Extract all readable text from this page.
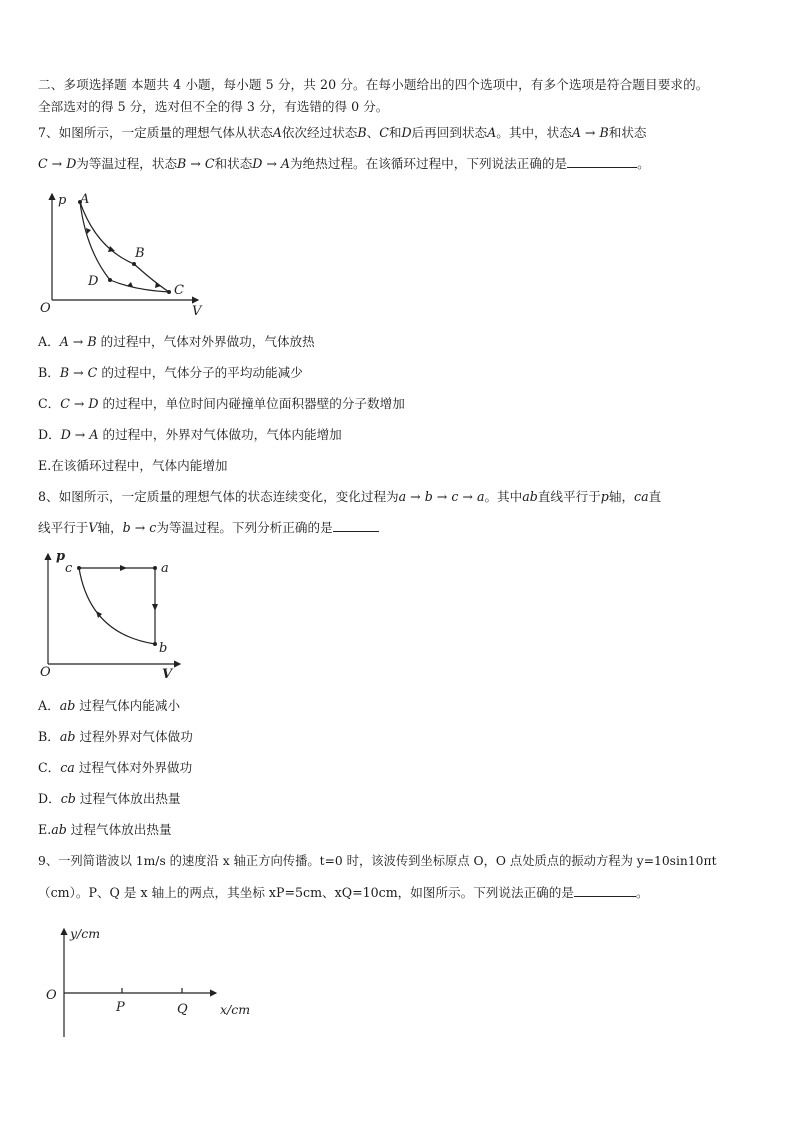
二、多项选择题 本题共 4 小题，每小题 5 分，共 20 分。在每小题给出的四个选项中，有多个选项是符合题目要求的。
全部选对的得 5 分，选对但不全的得 3 分，有选错的得 0 分。
7、如图所示，一定质量的理想气体从状态A依次经过状态B、C和D后再回到状态A。其中，状态A → B和状态
C → D为等温过程，状态B → C和状态D → A为绝热过程。在该循环过程中，下列说法正确的是	。
p
V
O
A
B
C
D
A．A → B 的过程中，气体对外界做功，气体放热
B．B → C 的过程中，气体分子的平均动能减少
C．C → D 的过程中，单位时间内碰撞单位面积器壁的分子数增加
D．D → A 的过程中，外界对气体做功，气体内能增加
E.在该循环过程中，气体内能增加
8、如图所示，一定质量的理想气体的状态连续变化，变化过程为a → b → c → a。其中ab直线平行于p轴，ca直
线平行于V轴，b → c为等温过程。下列分析正确的是
p
V
O
a
b
c
A．ab 过程气体内能减小
B．ab 过程外界对气体做功
C．ca 过程气体对外界做功
D．cb 过程气体放出热量
E.ab 过程气体放出热量
9、一列简谐波以 1m/s 的速度沿 x 轴正方向传播。t=0 时，该波传到坐标原点 O，O 点处质点的振动方程为 y=10sin10πt
（cm）。P、Q 是 x 轴上的两点，其坐标 xP=5cm、xQ=10cm，如图所示。下列说法正确的是	。
y/cm
x/cm
O
P	Q
